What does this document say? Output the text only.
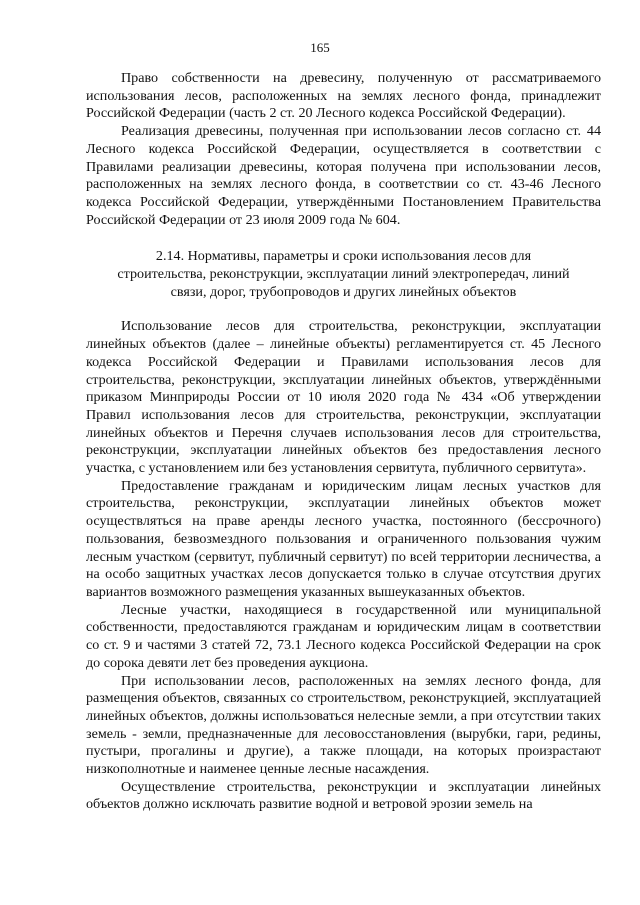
165

Право собственности на древесину, полученную от рассматриваемого использования лесов, расположенных на землях лесного фонда, принадлежит Российской Федерации (часть 2 ст. 20 Лесного кодекса Российской Федерации).

Реализация древесины, полученная при использовании лесов согласно ст. 44 Лесного кодекса Российской Федерации, осуществляется в соответствии с Правилами реализации древесины, которая получена при использовании лесов, расположенных на землях лесного фонда, в соответствии со ст. 43-46 Лесного кодекса Российской Федерации, утверждёнными Постановлением Правительства Российской Федерации от 23 июля 2009 года № 604.

2.14. Нормативы, параметры и сроки использования лесов для
строительства, реконструкции, эксплуатации линий электропередач, линий
связи, дорог, трубопроводов и других линейных объектов

Использование лесов для строительства, реконструкции, эксплуатации линейных объектов (далее – линейные объекты) регламентируется ст. 45 Лесного кодекса Российской Федерации и Правилами использования лесов для строительства, реконструкции, эксплуатации линейных объектов, утверждёнными приказом Минприроды России от 10 июля 2020 года № 434 «Об утверждении Правил использования лесов для строительства, реконструкции, эксплуатации линейных объектов и Перечня случаев использования лесов для строительства, реконструкции, эксплуатации линейных объектов без предоставления лесного участка, с установлением или без установления сервитута, публичного сервитута».

Предоставление гражданам и юридическим лицам лесных участков для строительства, реконструкции, эксплуатации линейных объектов может осуществляться на праве аренды лесного участка, постоянного (бессрочного) пользования, безвозмездного пользования и ограниченного пользования чужим лесным участком (сервитут, публичный сервитут) по всей территории лесничества, а на особо защитных участках лесов допускается только в случае отсутствия других вариантов возможного размещения указанных вышеуказанных объектов.

Лесные участки, находящиеся в государственной или муниципальной собственности, предоставляются гражданам и юридическим лицам в соответствии со ст. 9 и частями 3 статей 72, 73.1 Лесного кодекса Российской Федерации на срок до сорока девяти лет без проведения аукциона.

При использовании лесов, расположенных на землях лесного фонда, для размещения объектов, связанных со строительством, реконструкцией, эксплуатацией линейных объектов, должны использоваться нелесные земли, а при отсутствии таких земель - земли, предназначенные для лесовосстановления (вырубки, гари, редины, пустыри, прогалины и другие), а также площади, на которых произрастают низкополнотные и наименее ценные лесные насаждения.

Осуществление строительства, реконструкции и эксплуатации линейных объектов должно исключать развитие водной и ветровой эрозии земель на
